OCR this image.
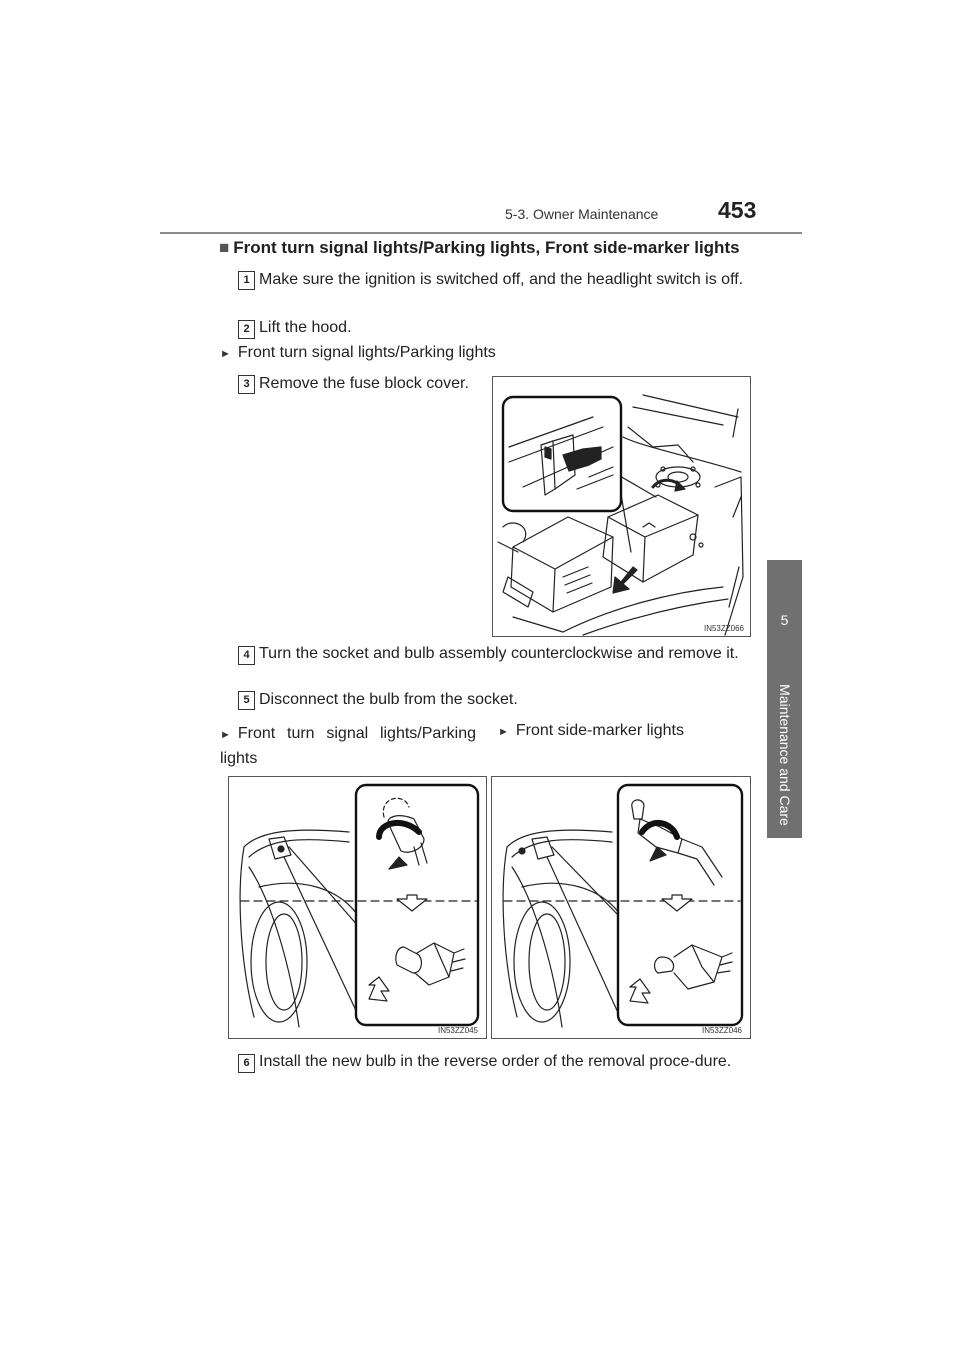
5-3. Owner Maintenance	453
5
Maintenance and Care
■ Front turn signal lights/Parking lights, Front side-marker lights
1 Make sure the ignition is switched off, and the headlight switch is off.
2 Lift the hood.
► Front turn signal lights/Parking lights
3 Remove the fuse block cover.
IN53ZZ066
4 Turn the socket and bulb assembly counterclockwise and remove it.
5 Disconnect the bulb from the socket.
► Front turn signal lights/Parking lights
► Front side-marker lights
IN53ZZ045	IN53ZZ046
6 Install the new bulb in the reverse order of the removal proce-dure.
